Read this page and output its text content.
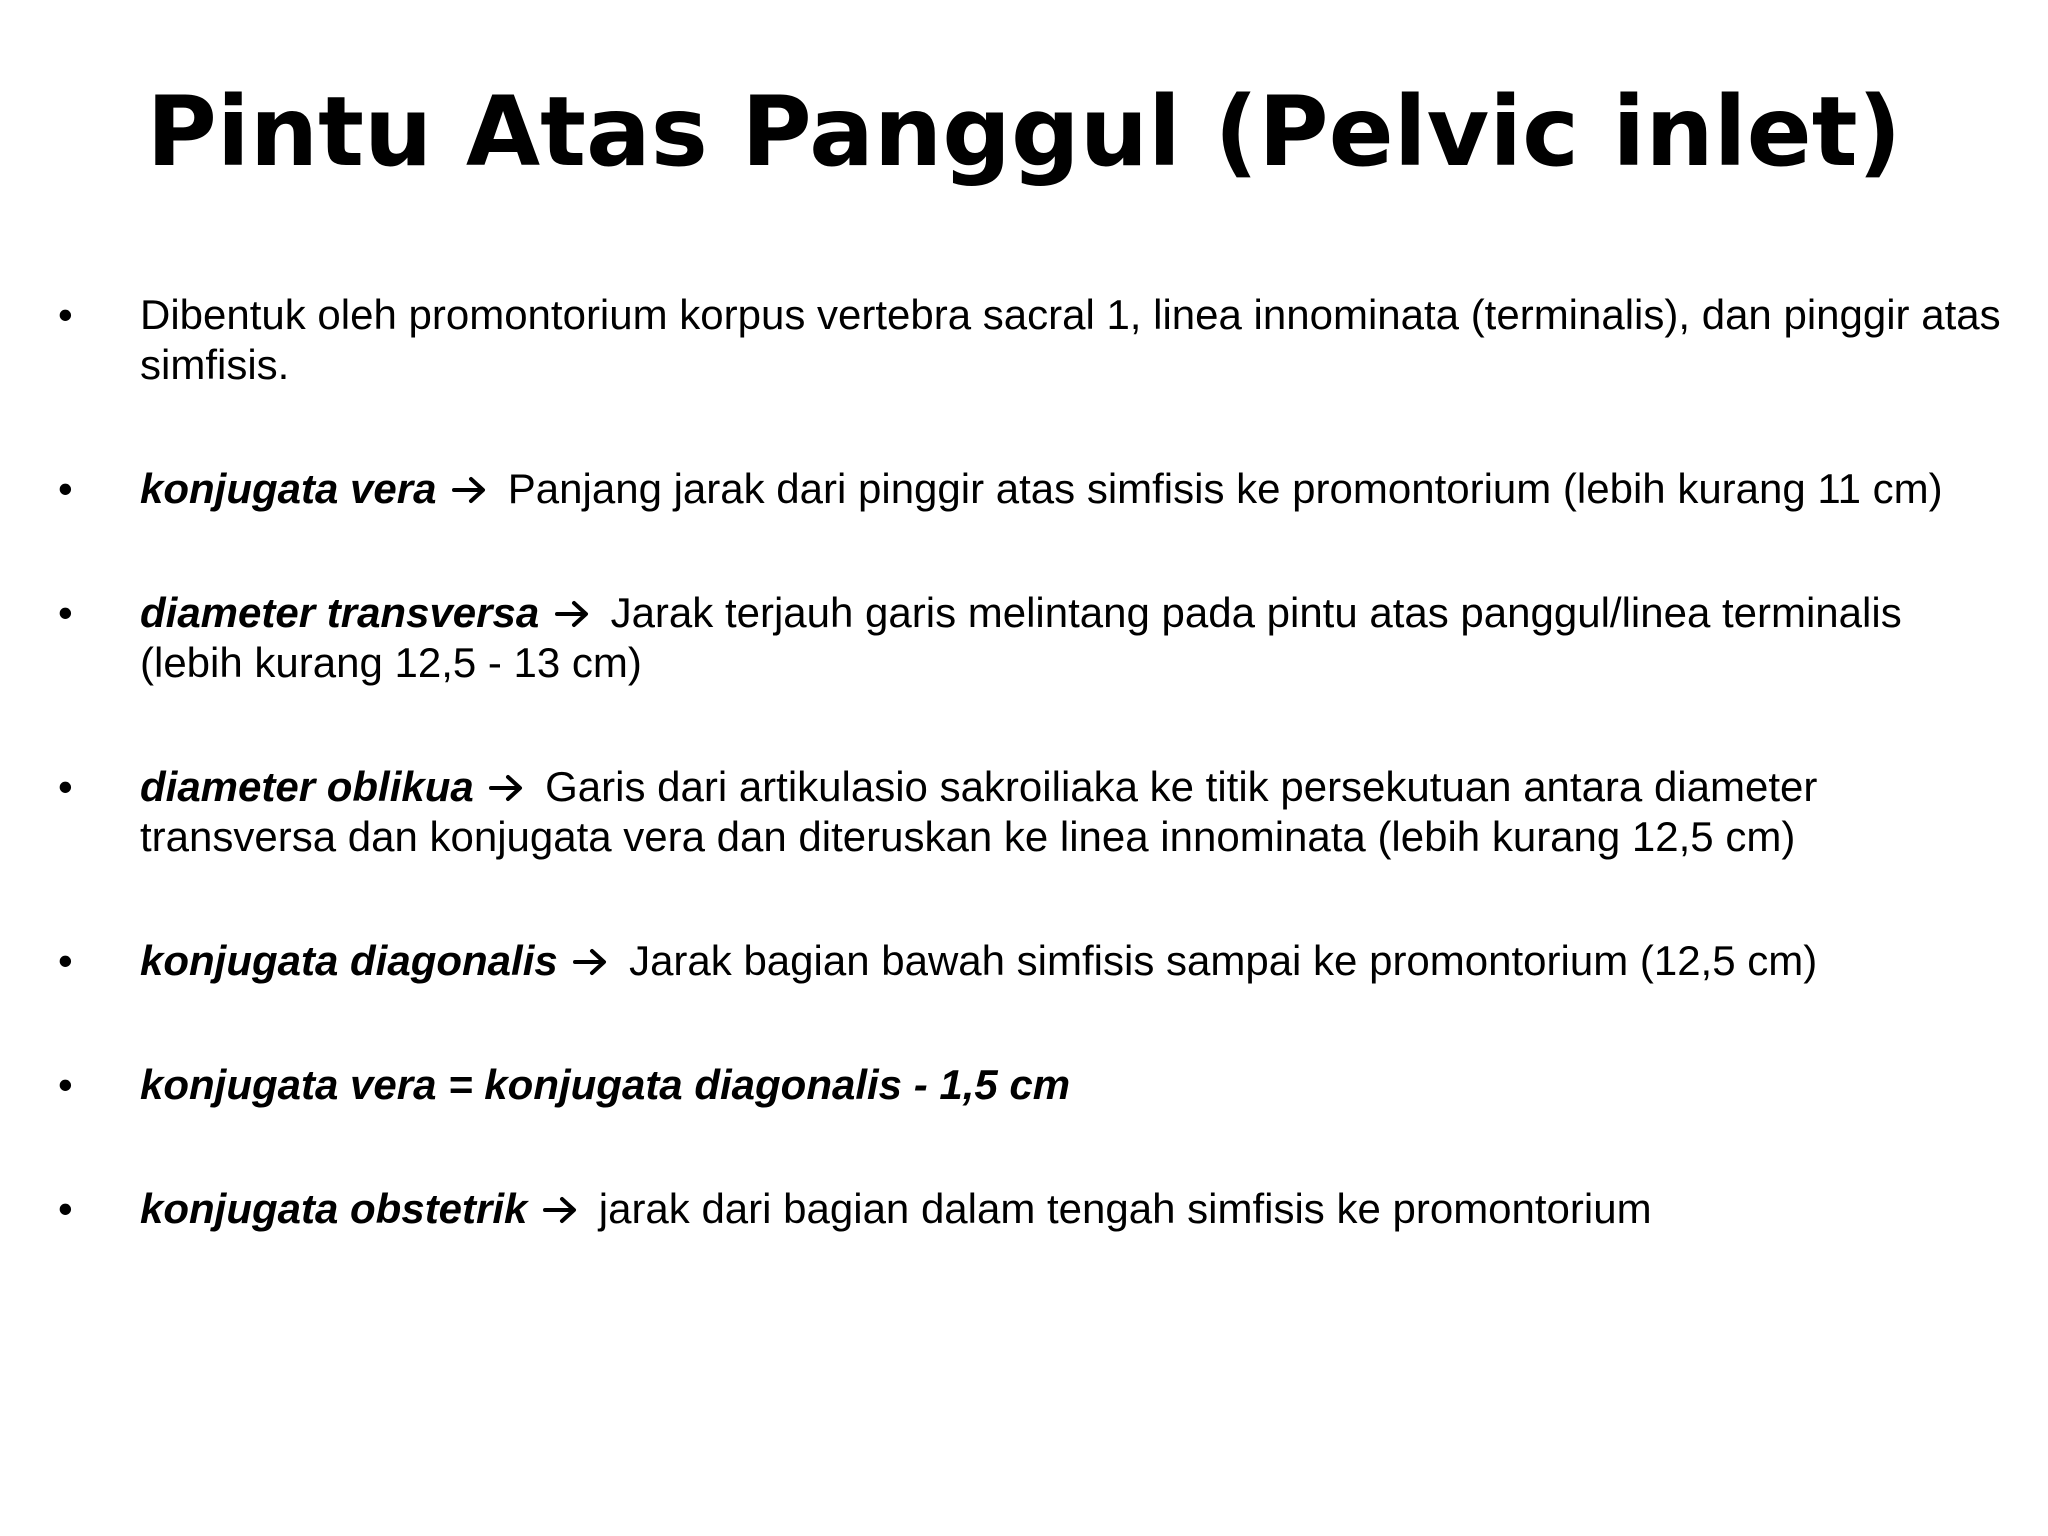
Pintu Atas Panggul (Pelvic inlet)
•	Dibentuk oleh promontorium korpus vertebra sacral 1, linea innominata (terminalis), dan pinggir atas simfisis.
•	konjugata vera Panjang jarak dari pinggir atas simfisis ke promontorium (lebih kurang 11 cm)
•	diameter transversa Jarak terjauh garis melintang pada pintu atas panggul/linea terminalis (lebih kurang 12,5 - 13 cm)
•	diameter oblikua Garis dari artikulasio sakroiliaka ke titik persekutuan antara diameter transversa dan konjugata vera dan diteruskan ke linea innominata (lebih kurang 12,5 cm)
•	konjugata diagonalis Jarak bagian bawah simfisis sampai ke promontorium (12,5 cm)
•	konjugata vera = konjugata diagonalis - 1,5 cm
•	konjugata obstetrik jarak dari bagian dalam tengah simfisis ke promontorium
